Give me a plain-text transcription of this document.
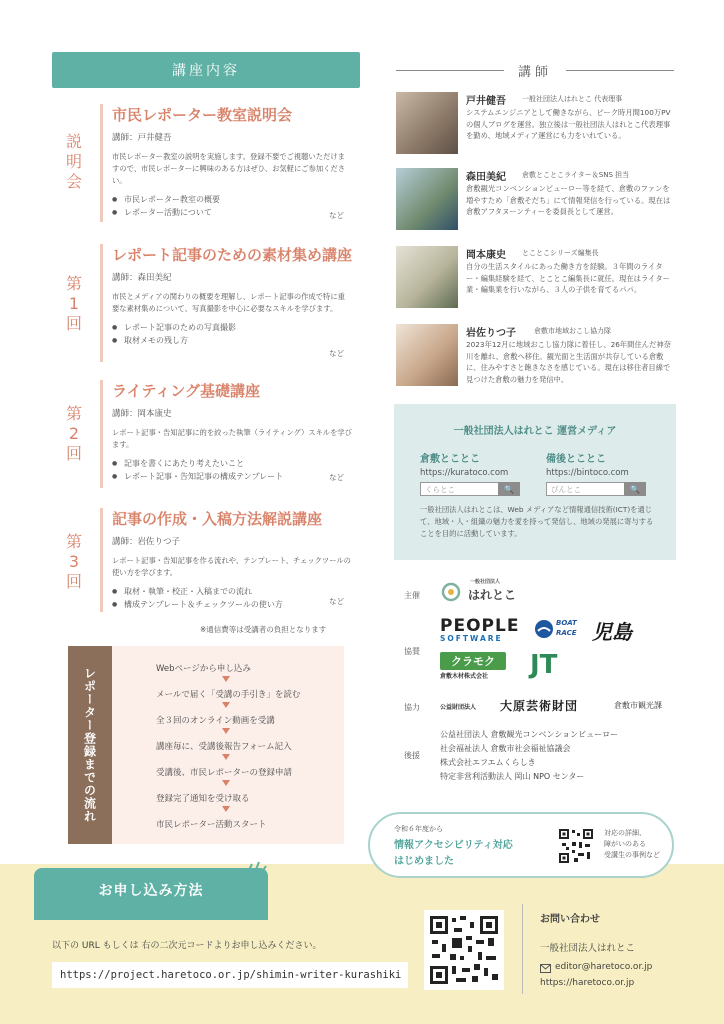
講座内容
説
明
会
市民レポーター教室説明会
講師：戸井健吾
市民レポーター教室の説明を実施します。登録不要でご視聴いただけますので、市民レポーターに興味のある方はぜひ、お気軽にご参加ください。
● 市民レポーター教室の概要
● レポーター活動について	など
第
1
回
レポート記事のための素材集め講座
講師：森田美紀
市民とメディアの関わりの概要を理解し、レポート記事の作成で特に重要な素材集めについて、写真撮影を中心に必要なスキルを学びます。
● レポート記事のための写真撮影
● 取材メモの残し方
など
第
2
回
ライティング基礎講座
講師：岡本康史
レポート記事・告知記事に的を絞った執筆（ライティング）スキルを学びます。
● 記事を書くにあたり考えたいこと
● レポート記事・告知記事の構成テンプレート	など
第
3
回
記事の作成・入稿方法解説講座
講師：岩佐りつ子
レポート記事・告知記事を作る流れや、テンプレート、チェックツールの使い方を学びます。
● 取材・執筆・校正・入稿までの流れ
● 構成テンプレート＆チェックツールの使い方	など
※通信費等は受講者の負担となります
レポーター登録までの流れ	Webページから申し込み
メールで届く「受講の手引き」を読む
全３回のオンライン動画を受講
講座毎に、受講後報告フォーム記入
受講後、市民レポーターの登録申請
登録完了通知を受け取る
市民レポーター活動スタート
講師
戸井健吾 一般社団法人はれとこ 代表理事
システムエンジニアとして働きながら、ピーク時月間100万PVの個人ブログを運営。独立後は一般社団法人はれとこ代表理事を勤め、地域メディア運営にも力をいれている。
森田美紀 倉敷とことこライター＆SNS 担当
倉敷観光コンベンションビューロー等を経て、倉敷のファンを増やすため「倉敷そだち」にて情報発信を行っている。現在は倉敷アフタヌーンティーを委員長として運営。
岡本康史 とことこシリーズ編集長
自分の生活スタイルにあった働き方を経験。３年間のライター・編集経験を経て、とことこ編集長に就任。現在はライター業・編集業を行いながら、３人の子供を育てるパパ。
岩佐りつ子	倉敷市地域おこし協力隊
2023年12月に地域おこし協力隊に着任し、26年間住んだ神奈川を離れ、倉敷へ移住。観光面と生活面が共存している倉敷に、住みやすさと飽きなさを感じている。現在は移住者目線で見つけた倉敷の魅力を発信中。
一般社団法人はれとこ 運営メディア
倉敷とことこ
https://kuratoco.com
くらとこ	🔍
備後とことこ
https://bintoco.com
びんとこ	🔍
一般社団法人はれとこは、Web メディアなど情報通信技術(ICT)を通じて、地域・人・組織の魅力を愛を持って発信し、地域の発展に寄与することを目的に活動しています。
主催
一般社団法人
はれとこ
協賛
PEOPLE
SOFTWARE
BOAT
RACE 児島
クラモク
倉敷木材株式会社	JT
協力	公益財団法人 大原芸術財団	倉敷市観光課
後援
公益社団法人 倉敷観光コンベンションビューロー
社会福祉法人 倉敷市社会福祉協議会
株式会社エフエムくらしき
特定非営利活動法人 岡山 NPO センター
令和６年度から
情報アクセシビリティ対応
はじめました
対応の詳細、
障がいのある
受講生の事例など
お申し込み方法
以下の URL もしくは 右の二次元コードよりお申し込みください。
https://project.haretoco.or.jp/shimin-writer-kurashiki
お問い合わせ
一般社団法人はれとこ
editor@haretoco.or.jp
https://haretoco.or.jp
